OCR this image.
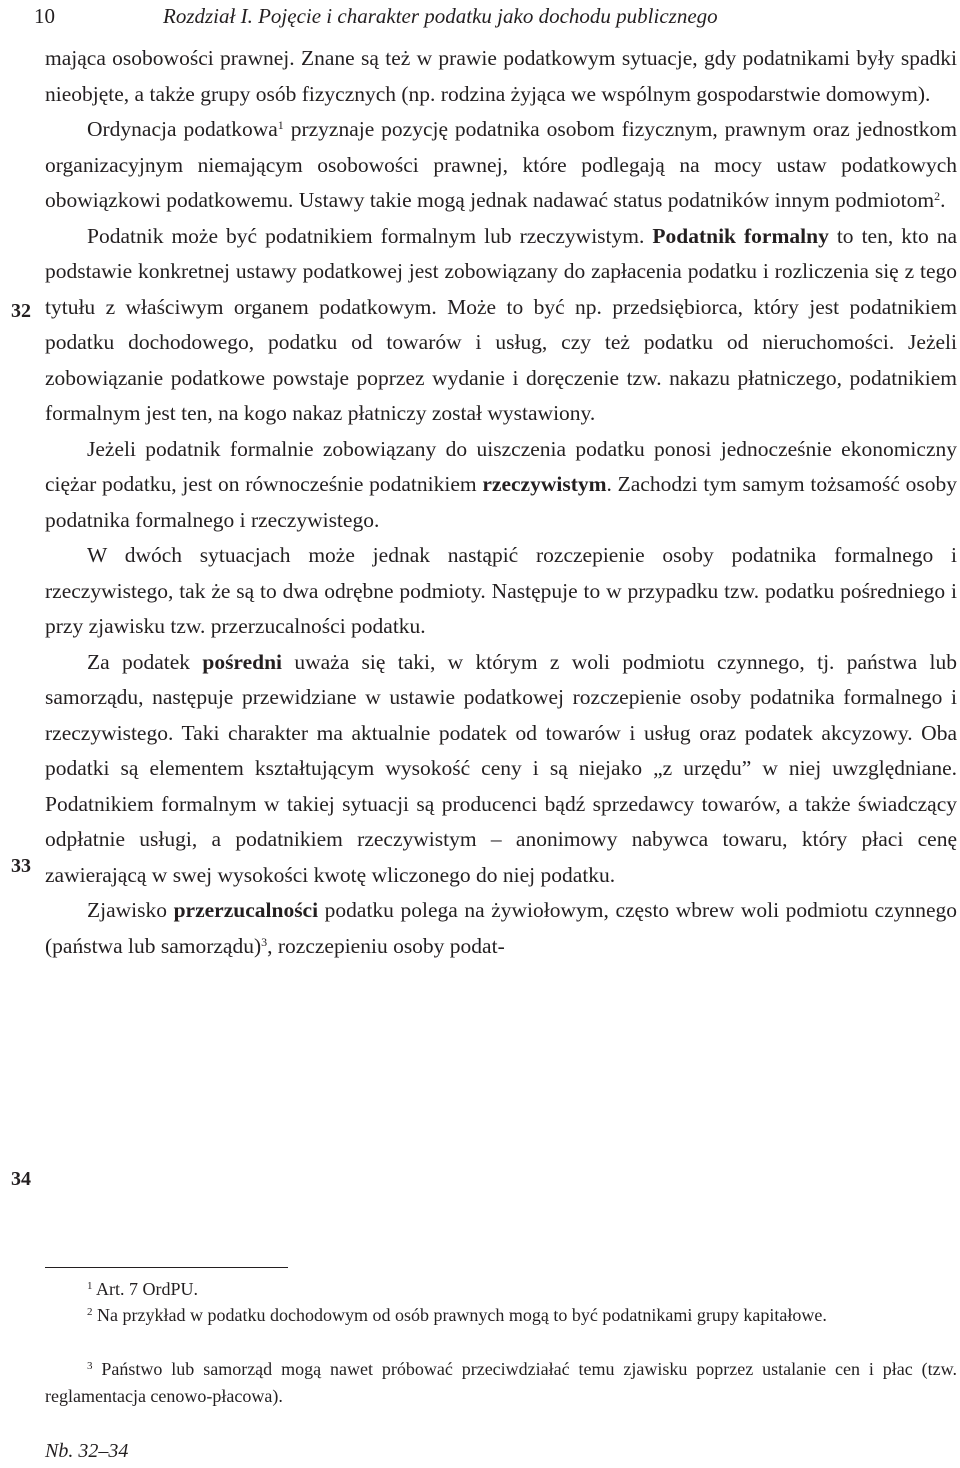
10	Rozdział I. Pojęcie i charakter podatku jako dochodu publicznego
32
33
34

mająca osobowości prawnej. Znane są też w prawie podatkowym sytuacje, gdy podatnikami były spadki nieobjęte, a także grupy osób fizycznych (np. rodzina żyjąca we wspólnym gospodarstwie domowym).

Ordynacja podatkowa$^1$ przyznaje pozycję podatnika osobom fizycznym, prawnym oraz jednostkom organizacyjnym niemającym osobowości prawnej, które podlegają na mocy ustaw podatkowych obowiązkowi podatkowemu. Ustawy takie mogą jednak nadawać status podatników innym podmiotom$^2$.

Podatnik może być podatnikiem formalnym lub rzeczywistym. Podatnik formalny to ten, kto na podstawie konkretnej ustawy podatkowej jest zobowiązany do zapłacenia podatku i rozliczenia się z tego tytułu z właściwym organem podatkowym. Może to być np. przedsiębiorca, który jest podatnikiem podatku dochodowego, podatku od towarów i usług, czy też podatku od nieruchomości. Jeżeli zobowiązanie podatkowe powstaje poprzez wydanie i doręczenie tzw. nakazu płatniczego, podatnikiem formalnym jest ten, na kogo nakaz płatniczy został wystawiony.

Jeżeli podatnik formalnie zobowiązany do uiszczenia podatku ponosi jednocześnie ekonomiczny ciężar podatku, jest on równocześnie podatnikiem rzeczywistym. Zachodzi tym samym tożsamość osoby podatnika formalnego i rzeczywistego.

W dwóch sytuacjach może jednak nastąpić rozczepienie osoby podatnika formalnego i rzeczywistego, tak że są to dwa odrębne podmioty. Następuje to w przypadku tzw. podatku pośredniego i przy zjawisku tzw. przerzucalności podatku.

Za podatek pośredni uważa się taki, w którym z woli podmiotu czynnego, tj. państwa lub samorządu, następuje przewidziane w ustawie podatkowej rozczepienie osoby podatnika formalnego i rzeczywistego. Taki charakter ma aktualnie podatek od towarów i usług oraz podatek akcyzowy. Oba podatki są elementem kształtującym wysokość ceny i są niejako „z urzędu” w niej uwzględniane. Podatnikiem formalnym w takiej sytuacji są producenci bądź sprzedawcy towarów, a także świadczący odpłatnie usługi, a podatnikiem rzeczywistym – anonimowy nabywca towaru, który płaci cenę zawierającą w swej wysokości kwotę wliczonego do niej podatku.

Zjawisko przerzucalności podatku polega na żywiołowym, często wbrew woli podmiotu czynnego (państwa lub samorządu)$^3$, rozczepieniu osoby podat-

$^1$ Art. 7 OrdPU.
$^2$ Na przykład w podatku dochodowym od osób prawnych mogą to być podatnikami grupy kapitałowe.
$^3$ Państwo lub samorząd mogą nawet próbować przeciwdziałać temu zjawisku poprzez ustalanie cen i płac (tzw. reglamentacja cenowo-płacowa).
Nb. 32–34
